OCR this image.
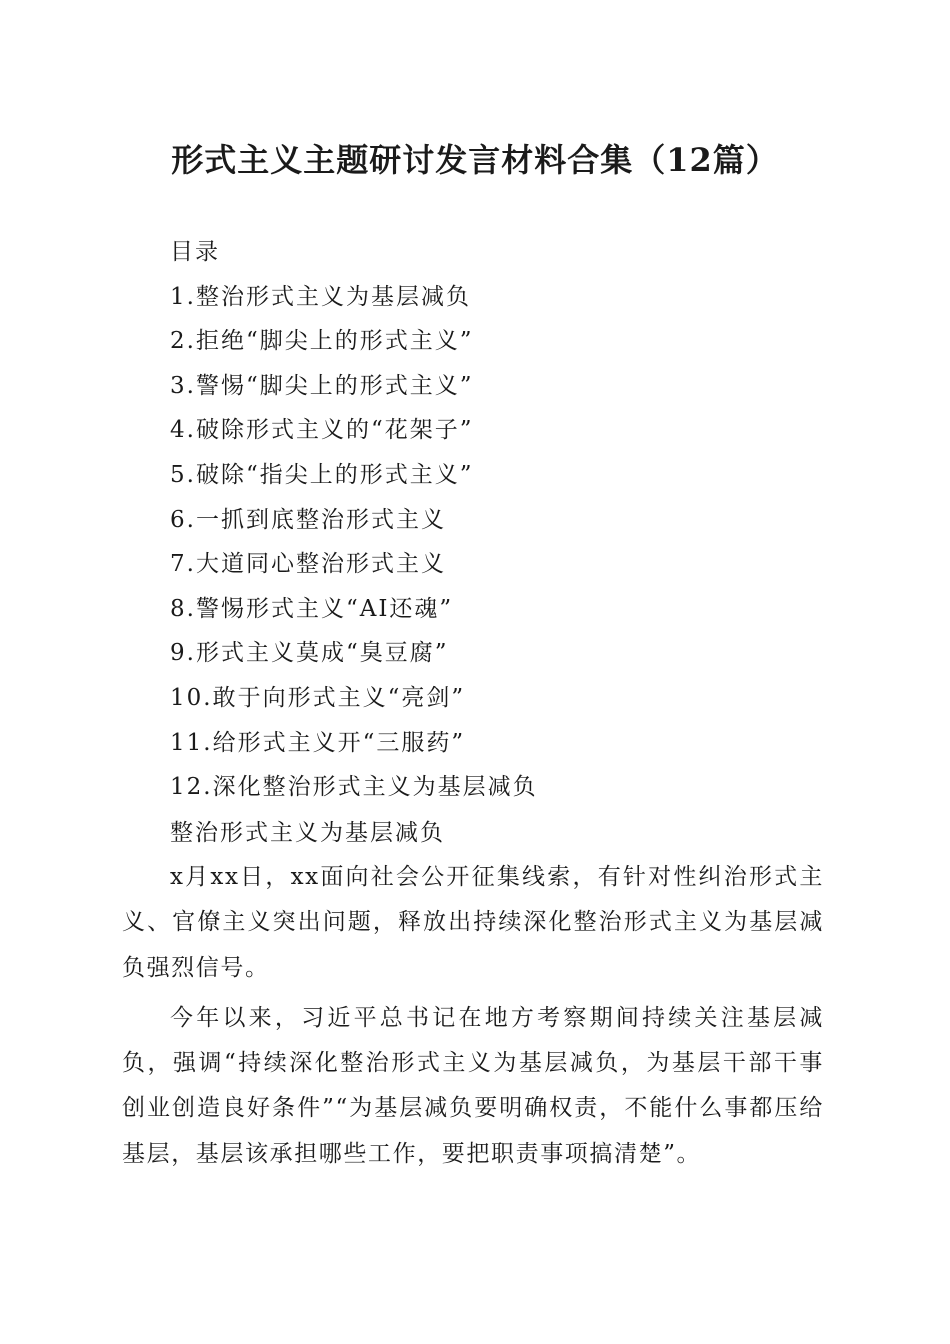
形式主义主题研讨发言材料合集（12篇）
目录
1.整治形式主义为基层减负
2.拒绝“脚尖上的形式主义”
3.警惕“脚尖上的形式主义”
4.破除形式主义的“花架子”
5.破除“指尖上的形式主义”
6.一抓到底整治形式主义
7.大道同心整治形式主义
8.警惕形式主义“AI还魂”
9.形式主义莫成“臭豆腐”
10.敢于向形式主义“亮剑”
11.给形式主义开“三服药”
12.深化整治形式主义为基层减负
整治形式主义为基层减负

x月xx日，xx面向社会公开征集线索，有针对性纠治形式主义、官僚主义突出问题，释放出持续深化整治形式主义为基层减负强烈信号。

今年以来，习近平总书记在地方考察期间持续关注基层减负，强调“持续深化整治形式主义为基层减负，为基层干部干事创业创造良好条件”“为基层减负要明确权责，不能什么事都压给基层，基层该承担哪些工作，要把职责事项搞清楚”。
